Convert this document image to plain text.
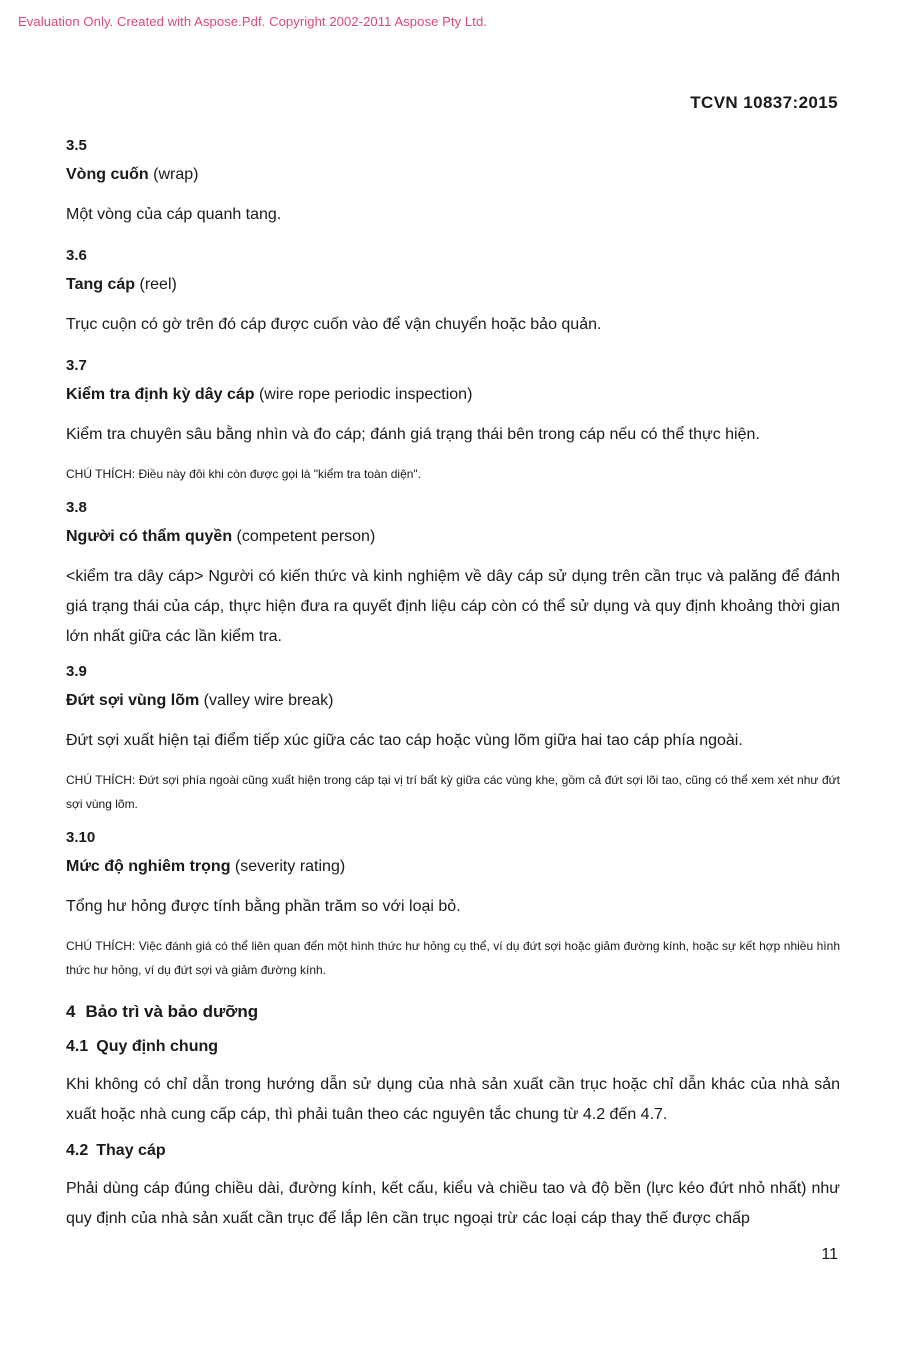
Evaluation Only. Created with Aspose.Pdf. Copyright 2002-2011 Aspose Pty Ltd.
TCVN 10837:2015
3.5
Vòng cuốn (wrap)
Một vòng của cáp quanh tang.
3.6
Tang cáp (reel)
Trục cuộn có gờ trên đó cáp được cuốn vào để vận chuyển hoặc bảo quản.
3.7
Kiểm tra định kỳ dây cáp (wire rope periodic inspection)
Kiểm tra chuyên sâu bằng nhìn và đo cáp; đánh giá trạng thái bên trong cáp nếu có thể thực hiện.
CHÚ THÍCH: Điều này đôi khi còn được gọi là "kiểm tra toàn diện".
3.8
Người có thẩm quyền (competent person)
<kiểm tra dây cáp> Người có kiến thức và kinh nghiệm về dây cáp sử dụng trên cần trục và palăng để đánh giá trạng thái của cáp, thực hiện đưa ra quyết định liệu cáp còn có thể sử dụng và quy định khoảng thời gian lớn nhất giữa các lần kiểm tra.
3.9
Đứt sợi vùng lõm (valley wire break)
Đứt sợi xuất hiện tại điểm tiếp xúc giữa các tao cáp hoặc vùng lõm giữa hai tao cáp phía ngoài.
CHÚ THÍCH: Đứt sợi phía ngoài cũng xuất hiện trong cáp tại vị trí bất kỳ giữa các vùng khe, gồm cả đứt sợi lõi tao, cũng có thể xem xét như đứt sợi vùng lõm.
3.10
Mức độ nghiêm trọng (severity rating)
Tổng hư hỏng được tính bằng phần trăm so với loại bỏ.
CHÚ THÍCH: Việc đánh giá có thể liên quan đến một hình thức hư hỏng cụ thể, ví dụ đứt sợi hoặc giảm đường kính, hoặc sự kết hợp nhiều hình thức hư hỏng, ví dụ đứt sợi và giảm đường kính.
4 Bảo trì và bảo dưỡng
4.1 Quy định chung
Khi không có chỉ dẫn trong hướng dẫn sử dụng của nhà sản xuất cần trục hoặc chỉ dẫn khác của nhà sản xuất hoặc nhà cung cấp cáp, thì phải tuân theo các nguyên tắc chung từ 4.2 đến 4.7.
4.2 Thay cáp
Phải dùng cáp đúng chiều dài, đường kính, kết cấu, kiểu và chiều tao và độ bền (lực kéo đứt nhỏ nhất) như quy định của nhà sản xuất cần trục để lắp lên cần trục ngoại trừ các loại cáp thay thế được chấp
11
